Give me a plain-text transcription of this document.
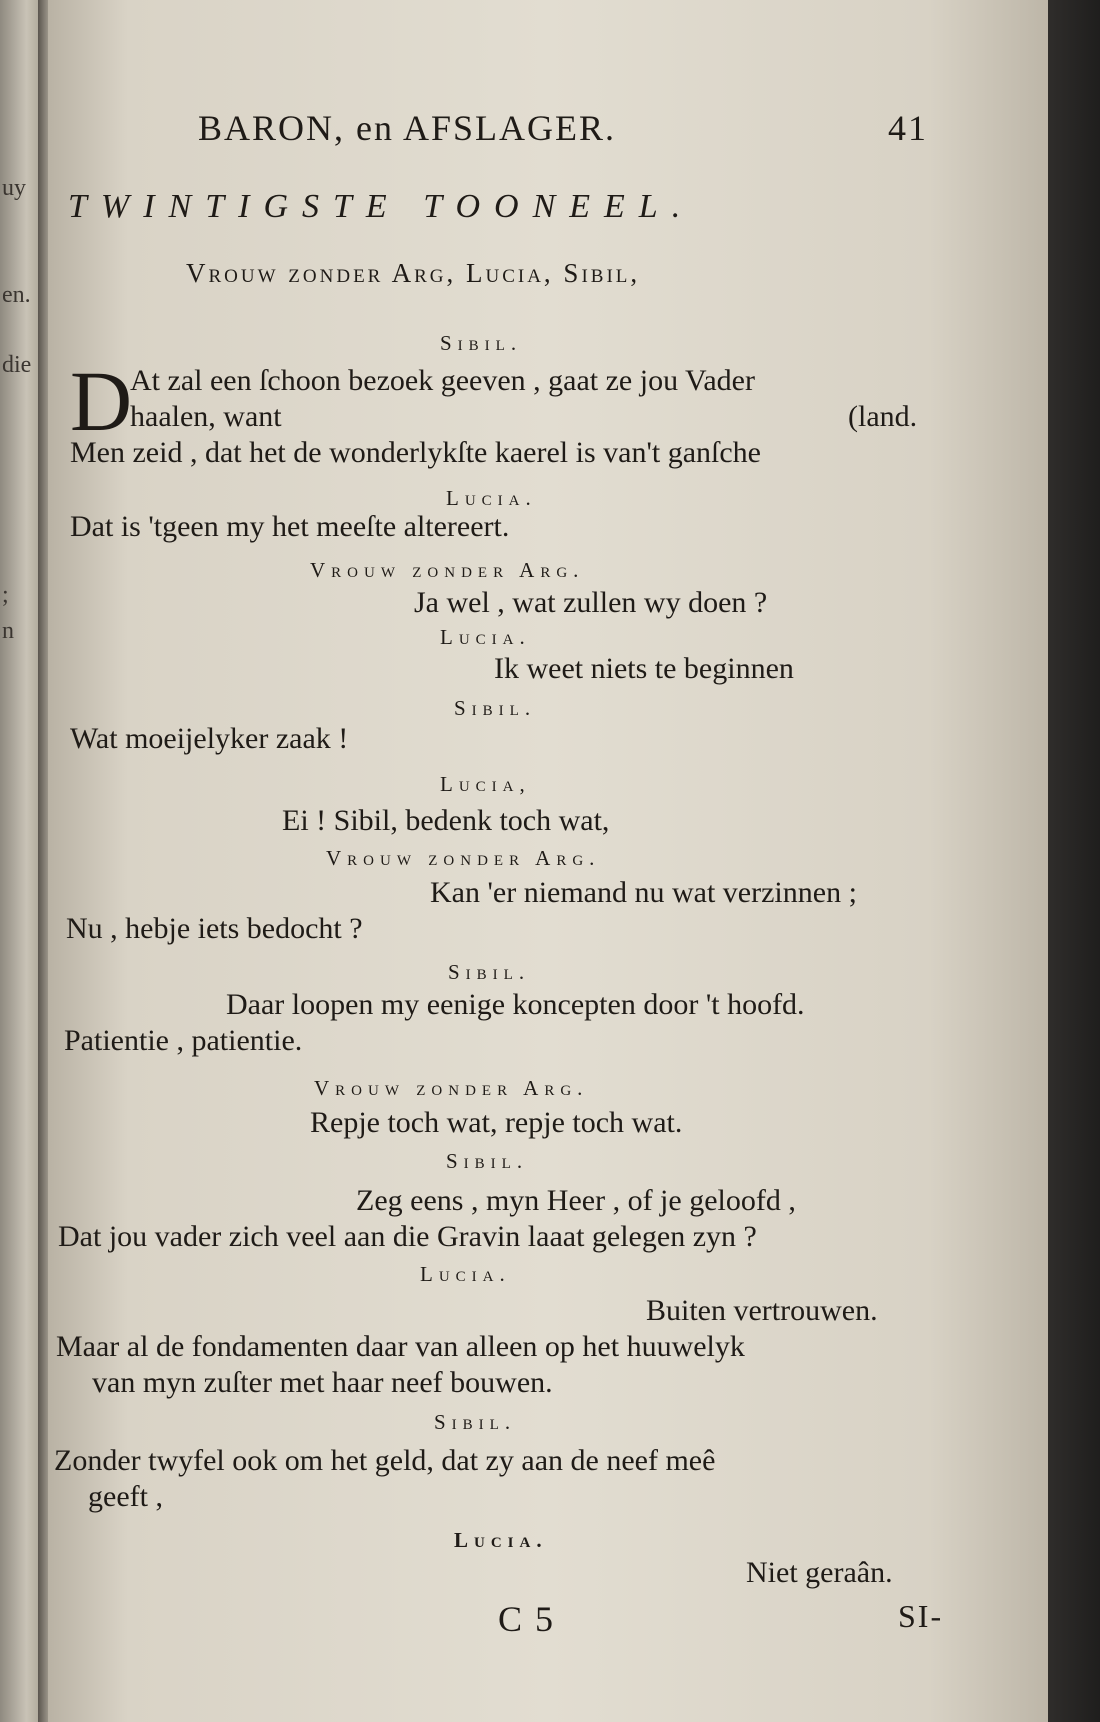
uy
en.
die
;
n
BARON, en AFSLAGER.	41
TWINTIGSTE TOONEEL.
Vrouw zonder Arg, Lucia, Sibil,
Sibil.
D
At zal een ſchoon bezoek geeven , gaat ze jou Vader
haalen, want	(land.
Men zeid , dat het de wonderlykſte kaerel is van't ganſche
Lucia.
Dat is 'tgeen my het meeſte altereert.
Vrouw zonder Arg.
Ja wel , wat zullen wy doen ?
Lucia.
Ik weet niets te beginnen
Sibil.
Wat moeijelyker zaak !
Lucia,
Ei ! Sibil, bedenk toch wat,
Vrouw zonder Arg.
Kan 'er niemand nu wat verzinnen ;
Nu , hebje iets bedocht ?
Sibil.
Daar loopen my eenige koncepten door 't hoofd.
Patientie , patientie.
Vrouw zonder Arg.
Repje toch wat, repje toch wat.
Sibil.
Zeg eens , myn Heer , of je geloofd ,
Dat jou vader zich veel aan die Gravin laaat gelegen zyn ?
Lucia.
Buiten vertrouwen.
Maar al de fondamenten daar van alleen op het huuwelyk
van myn zuſter met haar neef bouwen.
Sibil.
Zonder twyfel ook om het geld, dat zy aan de neef meê
geeft ,
Lucia.
Niet geraân.
C 5	SI-
